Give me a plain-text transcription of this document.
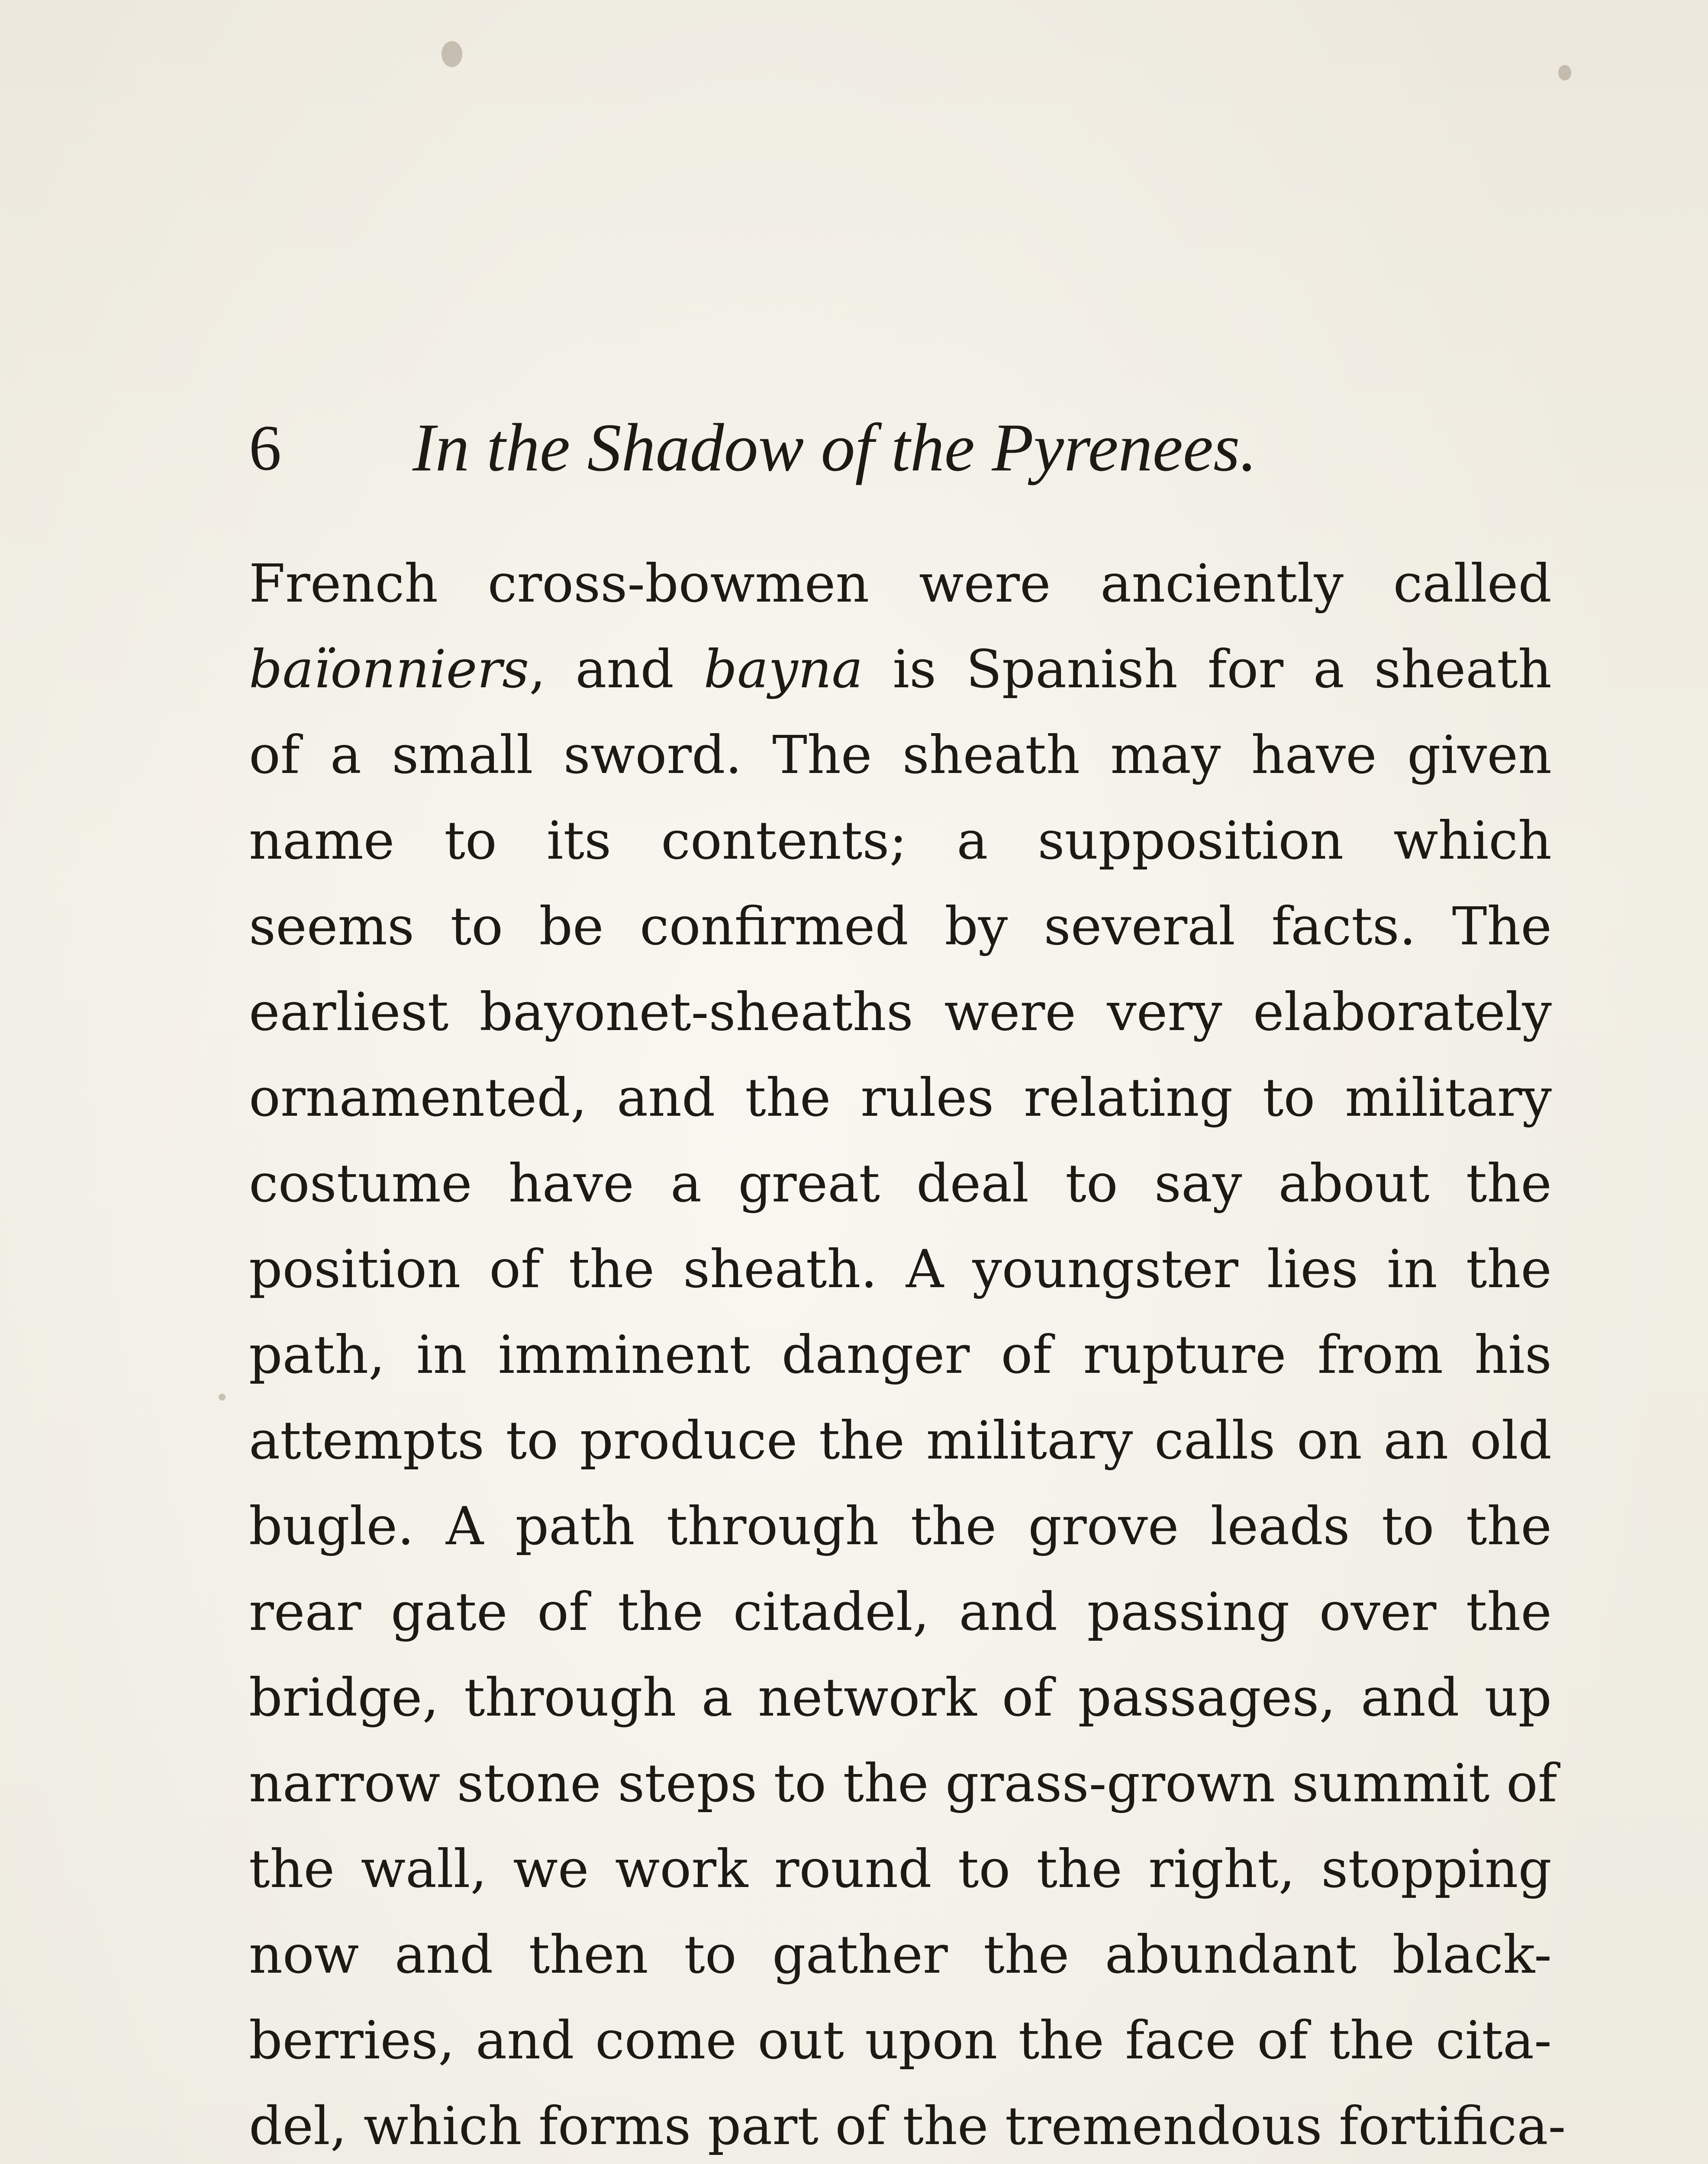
6 In the Shadow of the Pyrenees.
French cross-bowmen were anciently called
baïonniers, and bayna is Spanish for a sheath
of a small sword. The sheath may have given
name to its contents; a supposition which
seems to be confirmed by several facts. The
earliest bayonet-sheaths were very elaborately
ornamented, and the rules relating to military
costume have a great deal to say about the
position of the sheath. A youngster lies in the
path, in imminent danger of rupture from his
attempts to produce the military calls on an old
bugle. A path through the grove leads to the
rear gate of the citadel, and passing over the
bridge, through a network of passages, and up
narrow stone steps to the grass-grown summit of
the wall, we work round to the right, stopping
now and then to gather the abundant black-
berries, and come out upon the face of the cita-
del, which forms part of the tremendous fortifica-
